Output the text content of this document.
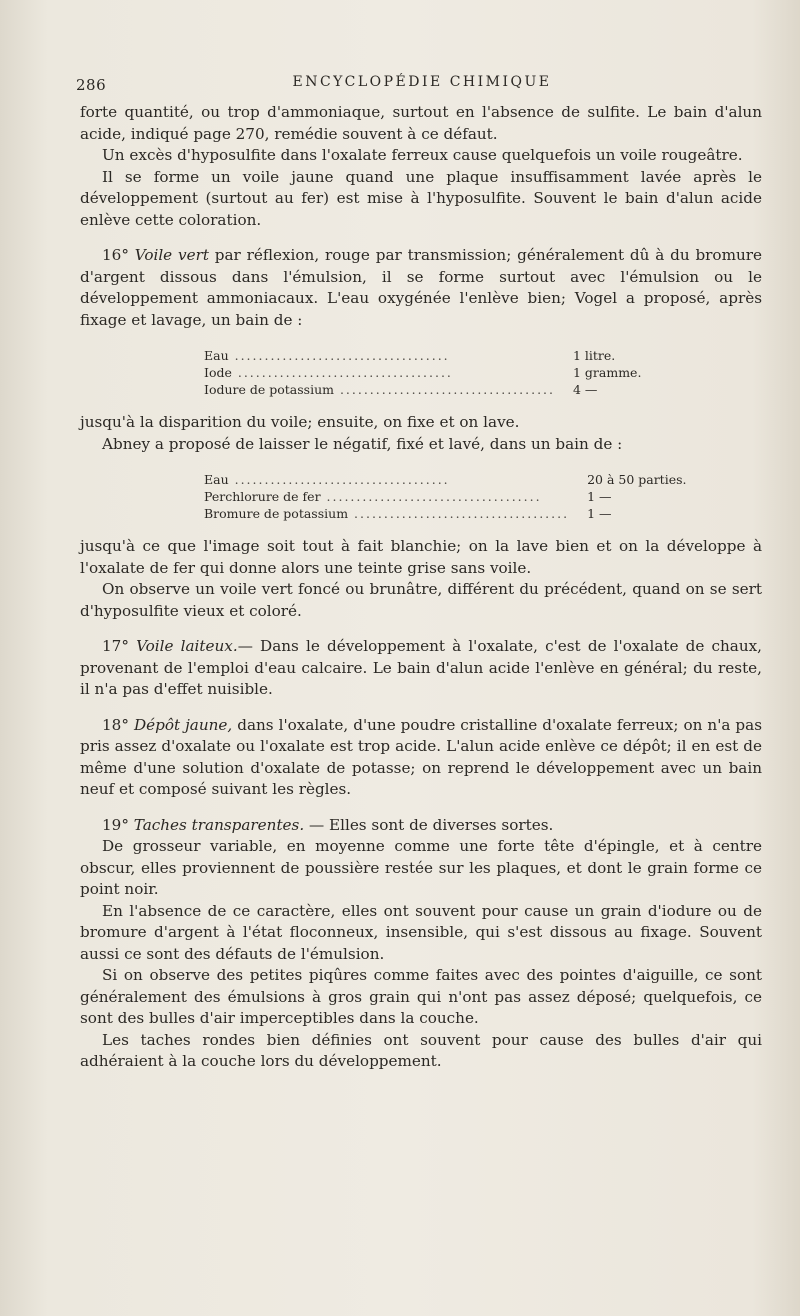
286	ENCYCLOPÉDIE CHIMIQUE

forte quantité, ou trop d'ammoniaque, surtout en l'absence de sulfite. Le bain d'alun acide, indiqué page 270, remédie souvent à ce défaut.

Un excès d'hyposulfite dans l'oxalate ferreux cause quelquefois un voile rougeâtre.

Il se forme un voile jaune quand une plaque insuffisamment lavée après le développement (surtout au fer) est mise à l'hyposulfite. Souvent le bain d'alun acide enlève cette coloration.

16° Voile vert par réflexion, rouge par transmission; généralement dû à du bromure d'argent dissous dans l'émulsion, il se forme surtout avec l'émulsion ou le développement ammoniacaux. L'eau oxygénée l'enlève bien; Vogel a proposé, après fixage et lavage, un bain de :

Eau ....................................	1 litre.
Iode ....................................	1 gramme.
Iodure de potassium ....................................	4 —

jusqu'à la disparition du voile; ensuite, on fixe et on lave.

Abney a proposé de laisser le négatif, fixé et lavé, dans un bain de :

Eau ....................................	20 à 50 parties.
Perchlorure de fer ....................................	1 —
Bromure de potassium ....................................	1 —

jusqu'à ce que l'image soit tout à fait blanchie; on la lave bien et on la développe à l'oxalate de fer qui donne alors une teinte grise sans voile.

On observe un voile vert foncé ou brunâtre, différent du précédent, quand on se sert d'hyposulfite vieux et coloré.

17° Voile laiteux.— Dans le développement à l'oxalate, c'est de l'oxalate de chaux, provenant de l'emploi d'eau calcaire. Le bain d'alun acide l'enlève en général; du reste, il n'a pas d'effet nuisible.

18° Dépôt jaune, dans l'oxalate, d'une poudre cristalline d'oxalate ferreux; on n'a pas pris assez d'oxalate ou l'oxalate est trop acide. L'alun acide enlève ce dépôt; il en est de même d'une solution d'oxalate de potasse; on reprend le développement avec un bain neuf et composé suivant les règles.

19° Taches transparentes. — Elles sont de diverses sortes.

De grosseur variable, en moyenne comme une forte tête d'épingle, et à centre obscur, elles proviennent de poussière restée sur les plaques, et dont le grain forme ce point noir.

En l'absence de ce caractère, elles ont souvent pour cause un grain d'iodure ou de bromure d'argent à l'état floconneux, insensible, qui s'est dissous au fixage. Souvent aussi ce sont des défauts de l'émulsion.

Si on observe des petites piqûres comme faites avec des pointes d'aiguille, ce sont généralement des émulsions à gros grain qui n'ont pas assez déposé; quelquefois, ce sont des bulles d'air imperceptibles dans la couche.

Les taches rondes bien définies ont souvent pour cause des bulles d'air qui adhéraient à la couche lors du développement.
